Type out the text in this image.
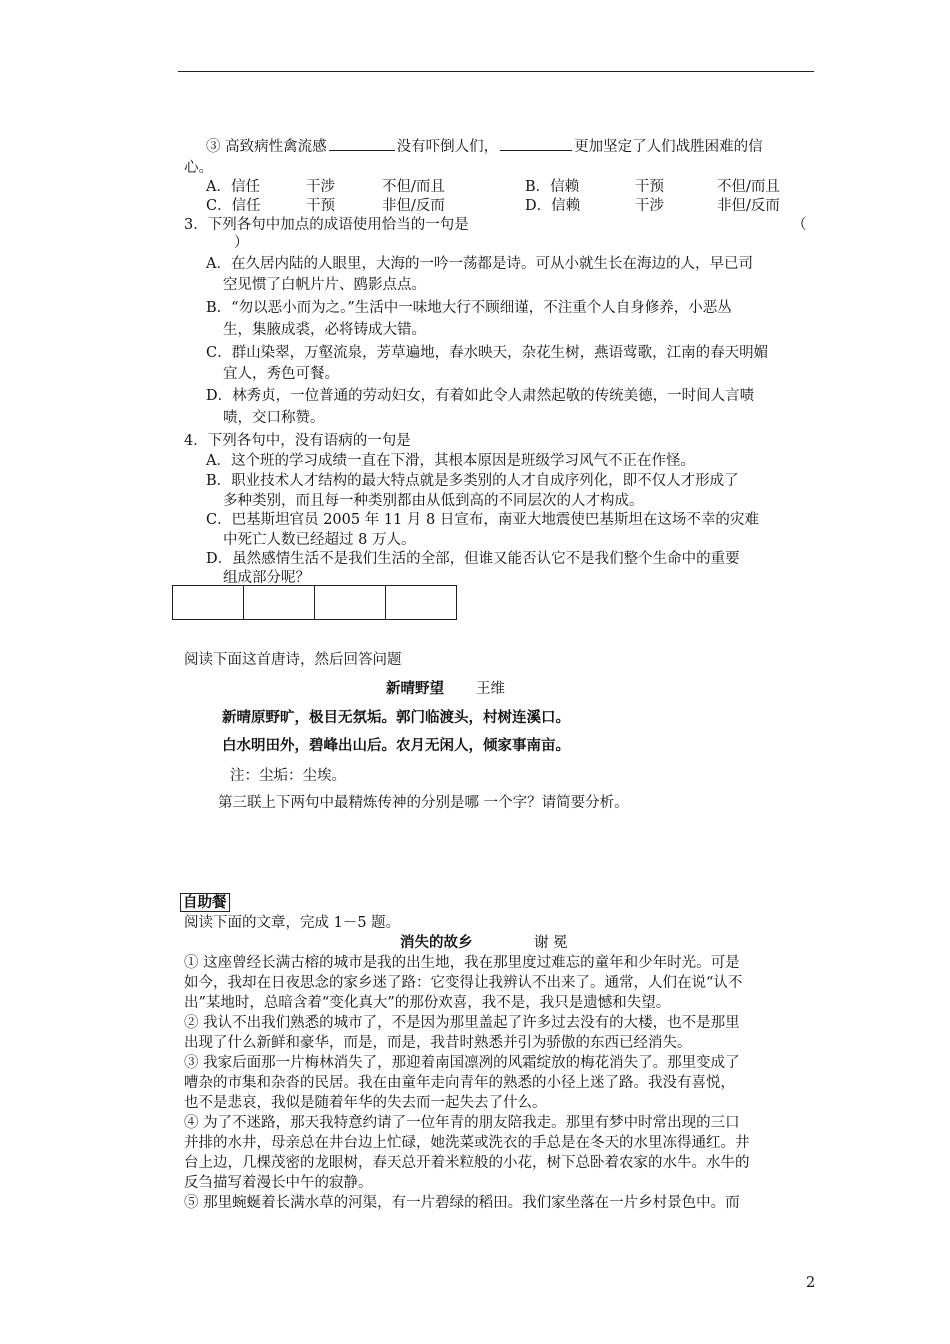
③ 高致病性禽流感	没有吓倒人们，	更加坚定了人们战胜困难的信
心。
A．信任	干涉	不但/而且	B．信赖	干预	不但/而且
C．信任	干预	非但/反而	D．信赖	干涉	非但/反而
3．下列各句中加点的成语使用恰当的一句是	（
）
A．在久居内陆的人眼里，大海的一吟一荡都是诗。可从小就生长在海边的人，早已司
空见惯了白帆片片、鸥影点点。
B．“勿以恶小而为之。”生活中一味地大行不顾细谨，不注重个人自身修养，小恶丛
生，集腋成裘，必将铸成大错。
C．群山染翠，万壑流泉，芳草遍地，春水映天，杂花生树，燕语莺歌，江南的春天明媚
宜人，秀色可餐。
D．林秀贞，一位普通的劳动妇女，有着如此令人肃然起敬的传统美德，一时间人言啧
啧，交口称赞。
4．下列各句中，没有语病的一句是
A．这个班的学习成绩一直在下滑，其根本原因是班级学习风气不正在作怪。
B．职业技术人才结构的最大特点就是多类别的人才自成序列化，即不仅人才形成了
多种类别，而且每一种类别都由从低到高的不同层次的人才构成。
C．巴基斯坦官员 2005 年 11 月 8 日宣布，南亚大地震使巴基斯坦在这场不幸的灾难
中死亡人数已经超过 8 万人。
D．虽然感情生活不是我们生活的全部，但谁又能否认它不是我们整个生命中的重要
组成部分呢？
阅读下面这首唐诗，然后回答问题
新晴野望 王维
新晴原野旷，极目无氛垢。郭门临渡头，村树连溪口。
白水明田外，碧峰出山后。农月无闲人，倾家事南亩。
注：尘垢：尘埃。
第三联上下两句中最精炼传神的分别是哪 一个字？请简要分析。
自助餐
阅读下面的文章，完成 1－5 题。
消失的故乡	谢 冕
① 这座曾经长满古榕的城市是我的出生地，我在那里度过难忘的童年和少年时光。可是
如今，我却在日夜思念的家乡迷了路：它变得让我辨认不出来了。通常，人们在说“认不
出”某地时，总暗含着“变化真大”的那份欢喜，我不是，我只是遗憾和失望。
② 我认不出我们熟悉的城市了，不是因为那里盖起了许多过去没有的大楼，也不是那里
出现了什么新鲜和豪华，而是，而是，我昔时熟悉并引为骄傲的东西已经消失。
③ 我家后面那一片梅林消失了，那迎着南国凛冽的风霜绽放的梅花消失了。那里变成了
嘈杂的市集和杂沓的民居。我在由童年走向青年的熟悉的小径上迷了路。我没有喜悦，
也不是悲哀，我似是随着年华的失去而一起失去了什么。
④ 为了不迷路，那天我特意约请了一位年青的朋友陪我走。那里有梦中时常出现的三口
并排的水井，母亲总在井台边上忙碌，她洗菜或洗衣的手总是在冬天的水里冻得通红。井
台上边，几棵茂密的龙眼树，春天总开着米粒般的小花，树下总卧着农家的水牛。水牛的
反刍描写着漫长中午的寂静。
⑤ 那里蜿蜒着长满水草的河渠，有一片碧绿的稻田。我们家坐落在一片乡村景色中。而
2
